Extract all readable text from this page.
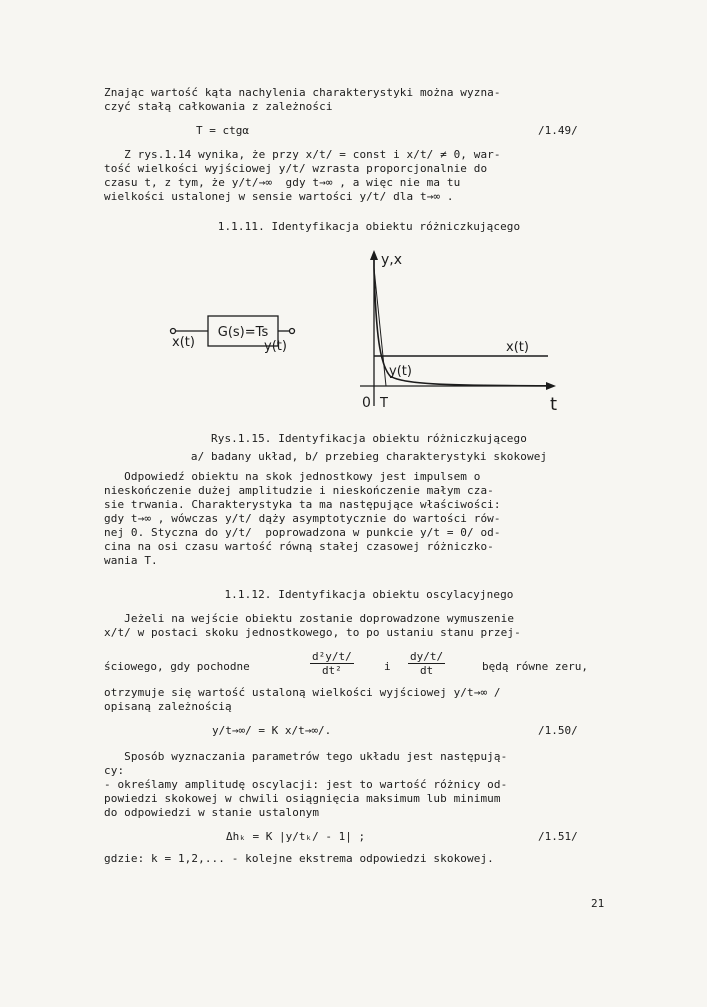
Znając wartość kąta nachylenia charakterystyki można wyzna-
czyć stałą całkowania z zależności
T = ctgα	/1.49/
Z rys.1.14 wynika, że przy x/t/ = const i x/t/ ≠ 0, war-
tość wielkości wyjściowej y/t/ wzrasta proporcjonalnie do
czasu t, z tym, że y/t/→∞  gdy t→∞ , a więc nie ma tu
wielkości ustalonej w sensie wartości y/t/ dla t→∞ .
1.1.11. Identyfikacja obiektu różniczkującego
G(s)=Ts
x(t)	y(t)
y,x
t
x(t)
y(t)
0 T
Rys.1.15. Identyfikacja obiektu różniczkującego
a/ badany układ, b/ przebieg charakterystyki skokowej
Odpowiedź obiektu na skok jednostkowy jest impulsem o
nieskończenie dużej amplitudzie i nieskończenie małym cza-
sie trwania. Charakterystyka ta ma następujące właściwości:
gdy t→∞ , wówczas y/t/ dąży asymptotycznie do wartości rów-
nej 0. Styczna do y/t/  poprowadzona w punkcie y/t = 0/ od-
cina na osi czasu wartość równą stałej czasowej różniczko-
wania T.
1.1.12. Identyfikacja obiektu oscylacyjnego
Jeżeli na wejście obiektu zostanie doprowadzone wymuszenie
x/t/ w postaci skoku jednostkowego, to po ustaniu stanu przej-
ściowego, gdy pochodne	$\frac{\text{d²y/t/}}{\text{dt²}}$	i $\frac{dy/t/}{dt}$	będą równe zeru,
otrzymuje się wartość ustaloną wielkości wyjściowej y/t→∞ /
opisaną zależnością
y/t→∞/ = K x/t→∞/.	/1.50/
Sposób wyznaczania parametrów tego układu jest następują-
cy:
- określamy amplitudę oscylacji: jest to wartość różnicy od-
powiedzi skokowej w chwili osiągnięcia maksimum lub minimum
do odpowiedzi w stanie ustalonym
Δhₖ = K |y/tₖ/ - 1| ;	/1.51/
gdzie: k = 1,2,... - kolejne ekstrema odpowiedzi skokowej.
21
